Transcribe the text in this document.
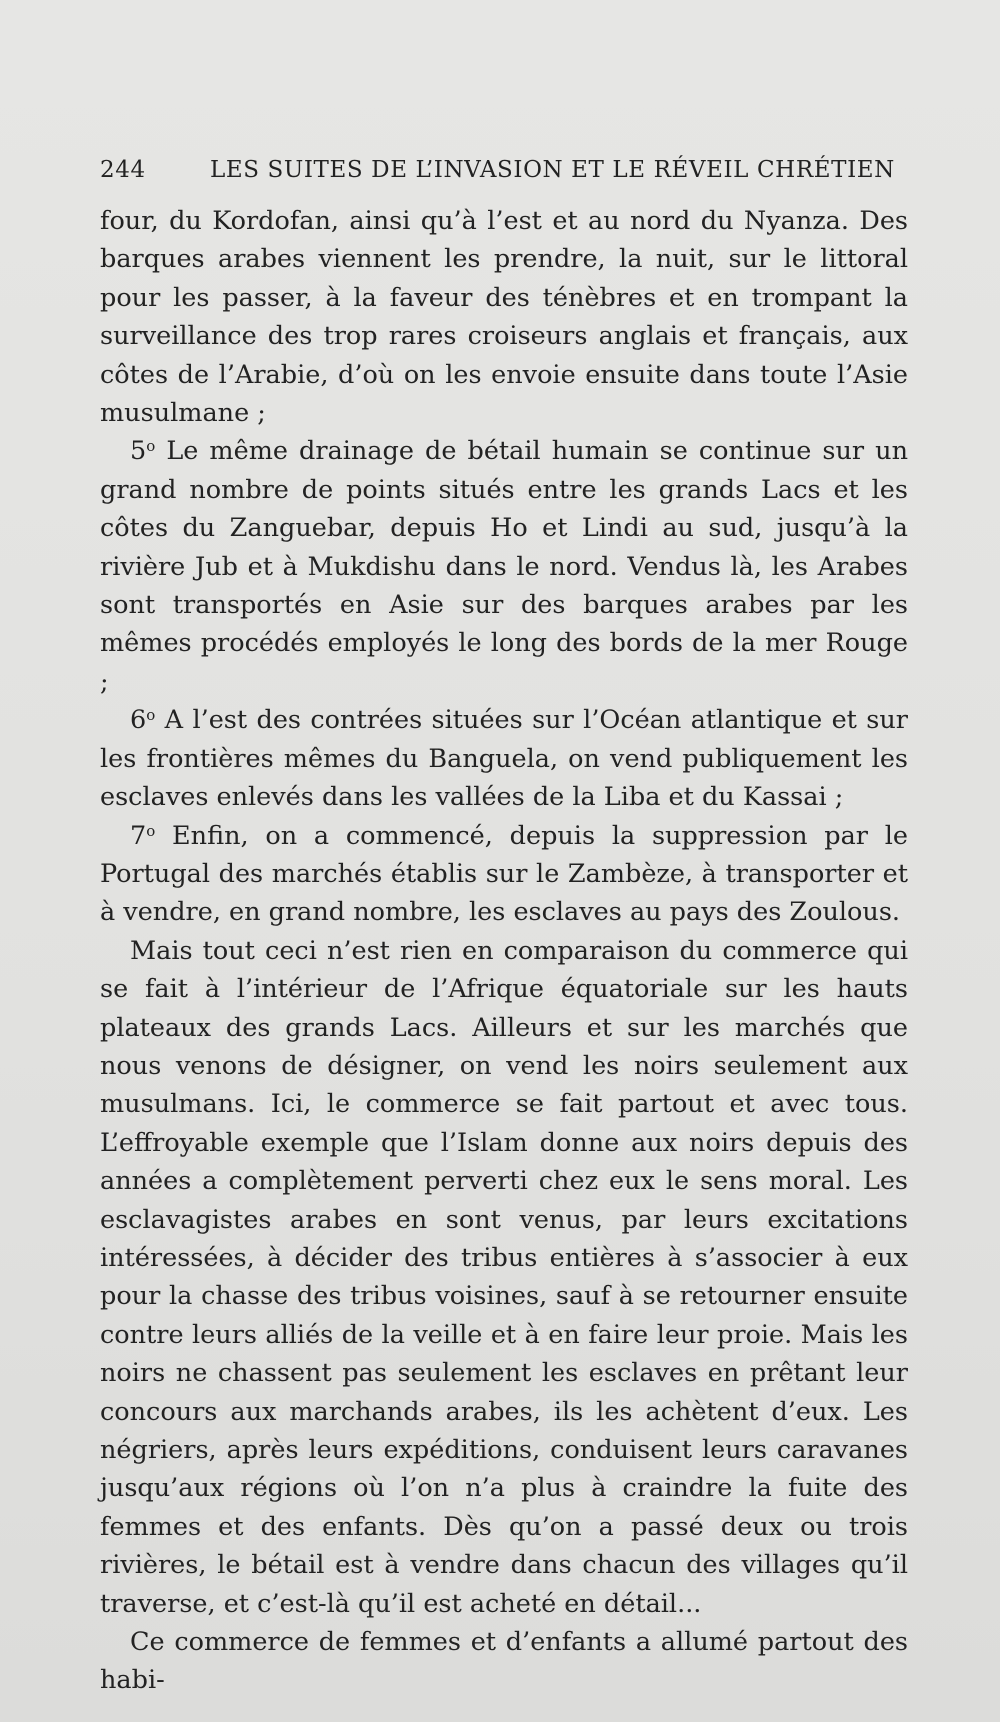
244	LES SUITES DE L’INVASION ET LE RÉVEIL CHRÉTIEN

four, du Kordofan, ainsi qu’à l’est et au nord du Nyanza. Des barques arabes viennent les prendre, la nuit, sur le littoral pour les passer, à la faveur des ténèbres et en trompant la surveillance des trop rares croiseurs anglais et français, aux côtes de l’Arabie, d’où on les envoie ensuite dans toute l’Asie musulmane ;

5$^o$ Le même drainage de bétail humain se continue sur un grand nombre de points situés entre les grands Lacs et les côtes du Zanguebar, depuis Ho et Lindi au sud, jusqu’à la rivière Jub et à Mukdishu dans le nord. Vendus là, les Arabes sont transportés en Asie sur des barques arabes par les mêmes procédés employés le long des bords de la mer Rouge ;

6$^o$ A l’est des contrées situées sur l’Océan atlantique et sur les frontières mêmes du Banguela, on vend publiquement les esclaves enlevés dans les vallées de la Liba et du Kassai ;

7$^o$ Enfin, on a commencé, depuis la suppression par le Portugal des marchés établis sur le Zambèze, à transporter et à vendre, en grand nombre, les esclaves au pays des Zoulous.

Mais tout ceci n’est rien en comparaison du commerce qui se fait à l’intérieur de l’Afrique équatoriale sur les hauts plateaux des grands Lacs. Ailleurs et sur les marchés que nous venons de désigner, on vend les noirs seulement aux musulmans. Ici, le commerce se fait partout et avec tous. L’effroyable exemple que l’Islam donne aux noirs depuis des années a complètement perverti chez eux le sens moral. Les esclavagistes arabes en sont venus, par leurs excitations intéressées, à décider des tribus entières à s’associer à eux pour la chasse des tribus voisines, sauf à se retourner ensuite contre leurs alliés de la veille et à en faire leur proie. Mais les noirs ne chassent pas seulement les esclaves en prêtant leur concours aux marchands arabes, ils les achètent d’eux. Les négriers, après leurs expéditions, conduisent leurs caravanes jusqu’aux régions où l’on n’a plus à craindre la fuite des femmes et des enfants. Dès qu’on a passé deux ou trois rivières, le bétail est à vendre dans chacun des villages qu’il traverse, et c’est-là qu’il est acheté en détail...

Ce commerce de femmes et d’enfants a allumé partout des habi-
